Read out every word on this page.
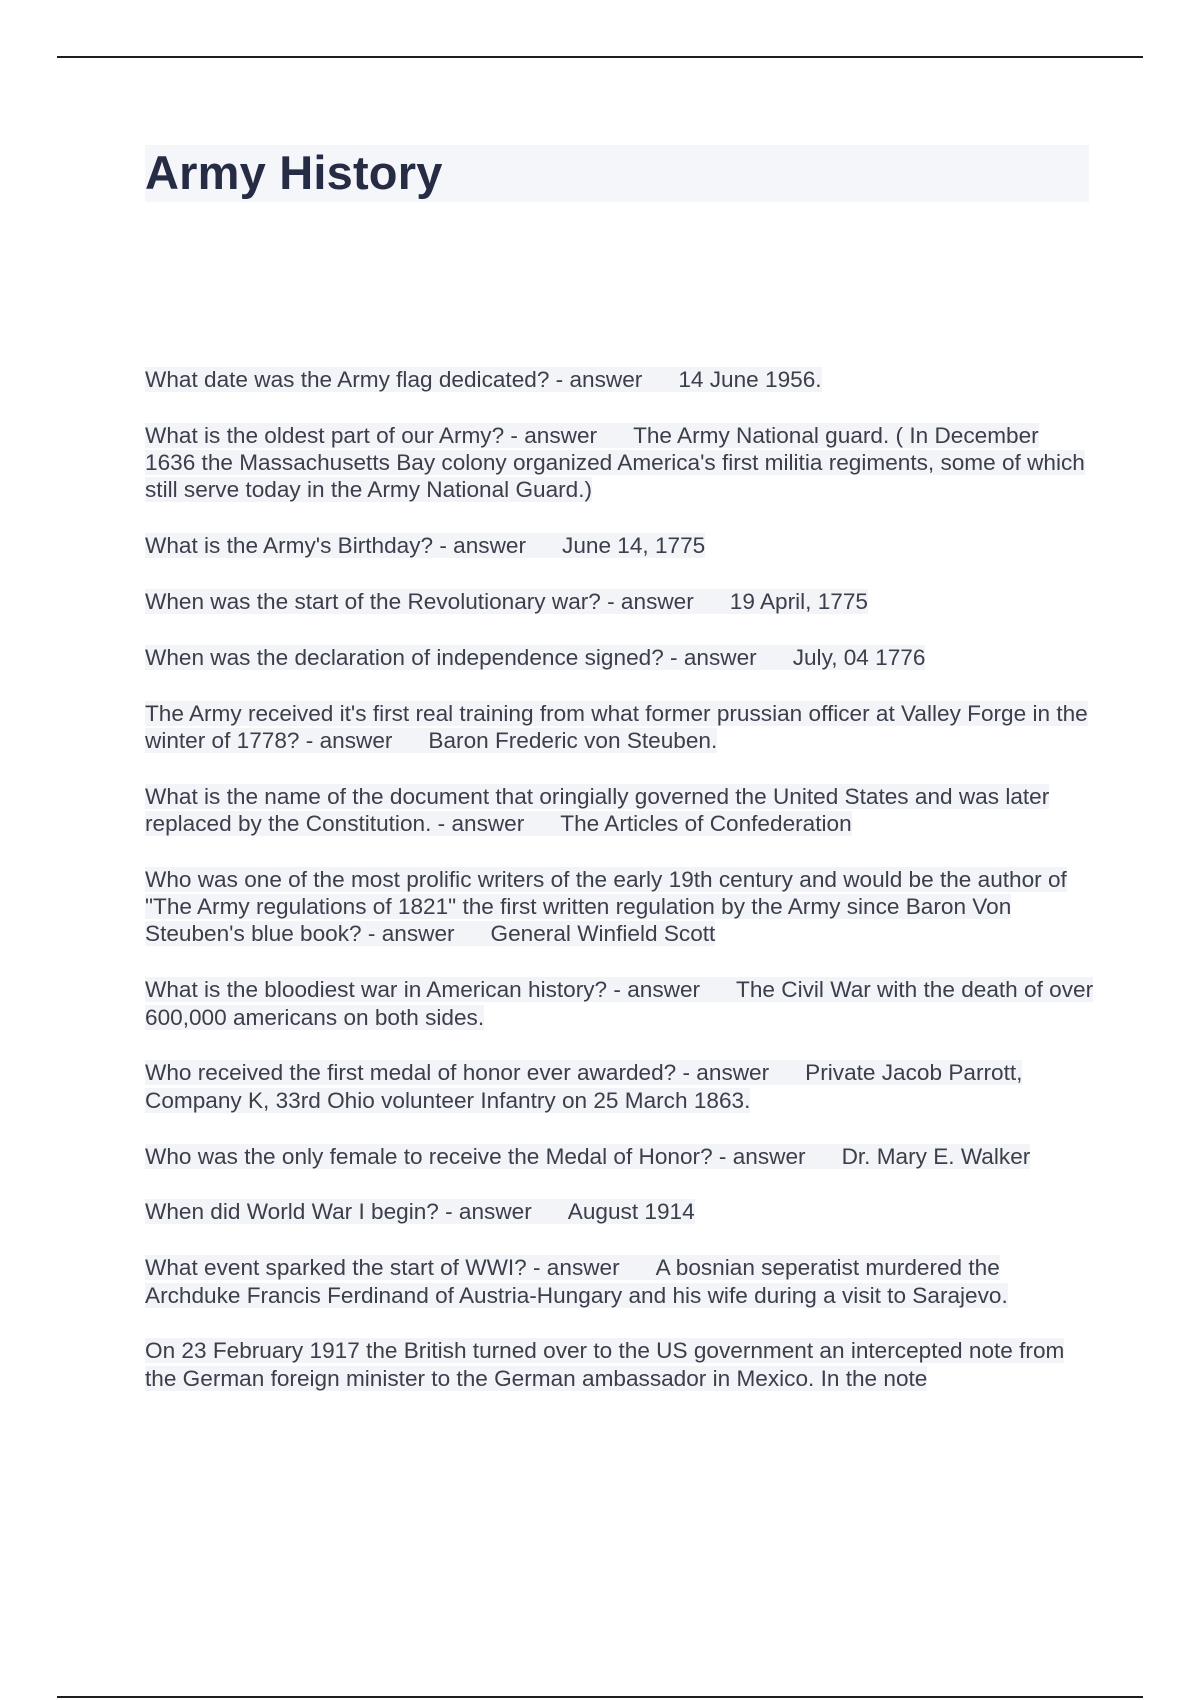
Army History
What date was the Army flag dedicated? - answer 14 June 1956.
What is the oldest part of our Army? - answer The Army National guard. ( In December 1636 the Massachusetts Bay colony organized America's first militia regiments, some of which still serve today in the Army National Guard.)
What is the Army's Birthday? - answer June 14, 1775
When was the start of the Revolutionary war? - answer 19 April, 1775
When was the declaration of independence signed? - answer July, 04 1776
The Army received it's first real training from what former prussian officer at Valley Forge in the winter of 1778? - answer Baron Frederic von Steuben.
What is the name of the document that oringially governed the United States and was later replaced by the Constitution. - answer The Articles of Confederation
Who was one of the most prolific writers of the early 19th century and would be the author of "The Army regulations of 1821" the first written regulation by the Army since Baron Von Steuben's blue book? - answer General Winfield Scott
What is the bloodiest war in American history? - answer The Civil War with the death of over 600,000 americans on both sides.
Who received the first medal of honor ever awarded? - answer Private Jacob Parrott, Company K, 33rd Ohio volunteer Infantry on 25 March 1863.
Who was the only female to receive the Medal of Honor? - answer Dr. Mary E. Walker
When did World War I begin? - answer August 1914
What event sparked the start of WWI? - answer A bosnian seperatist murdered the Archduke Francis Ferdinand of Austria-Hungary and his wife during a visit to Sarajevo.
On 23 February 1917 the British turned over to the US government an intercepted note from the German foreign minister to the German ambassador in Mexico. In the note
